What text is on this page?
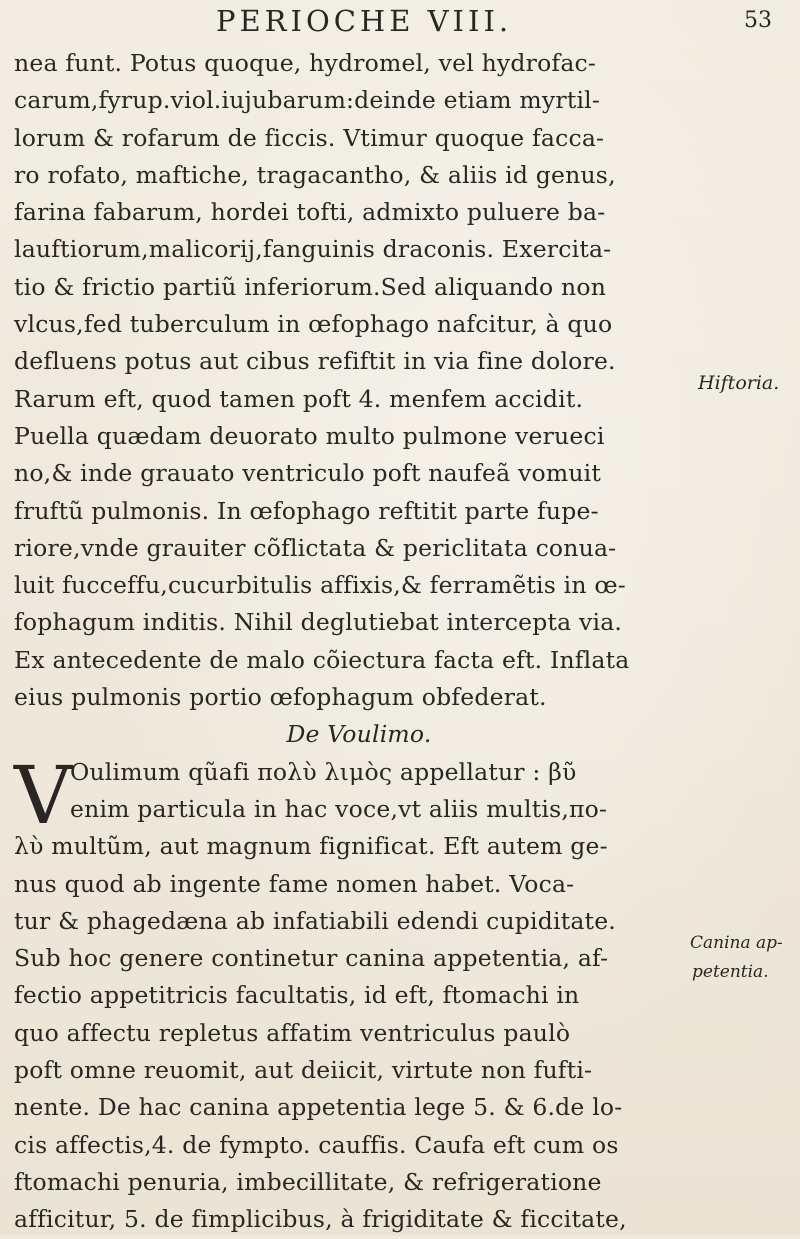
PERIOCHE VIII.	53
nea funt. Potus quoque, hydromel, vel hydrofac-
carum,fyrup.viol.iujubarum:deinde etiam myrtil-
lorum & rofarum de ficcis. Vtimur quoque facca-
ro rofato, maftiche, tragacantho, & aliis id genus,
farina fabarum, hordei tofti, admixto puluere ba-
lauftiorum,malicorij,fanguinis draconis. Exercita-
tio & frictio partiũ inferiorum.Sed aliquando non
vlcus,fed tuberculum in œfophago nafcitur, à quo
defluens potus aut cibus refiftit in via fine dolore.
Rarum eft, quod tamen poft 4. menfem accidit.
Puella quædam deuorato multo pulmone verueci
no,& inde grauato ventriculo poft naufeã vomuit
fruftũ pulmonis. In œfophago reftitit parte fupe-
riore,vnde grauiter cõflictata & periclitata conua-
luit fucceffu,cucurbitulis affixis,& ferramẽtis in œ-
fophagum inditis. Nihil deglutiebat intercepta via.
Ex antecedente de malo cõiectura facta eft. Inflata
eius pulmonis portio œfophagum obfederat.
De Voulimo.
V
Oulimum qũafi πολὺ λιμὸς appellatur : βῦ
enim particula in hac voce,vt aliis multis,πο-
λὺ multũm, aut magnum fignificat. Eft autem ge-
nus quod ab ingente fame nomen habet. Voca-
tur & phagedæna ab infatiabili edendi cupiditate.
Sub hoc genere continetur canina appetentia, af-
fectio appetitricis facultatis, id eft, ftomachi in
quo affectu repletus affatim ventriculus paulò
poft omne reuomit, aut deiicit, virtute non fufti-
nente. De hac canina appetentia lege 5. & 6.de lo-
cis affectis,4. de fympto. cauffis. Caufa eft cum os
ftomachi penuria, imbecillitate, & refrigeratione
afficitur, 5. de fimplicibus, à frigiditate & ficcitate,
Hiftoria.
Canina ap-
petentia.
